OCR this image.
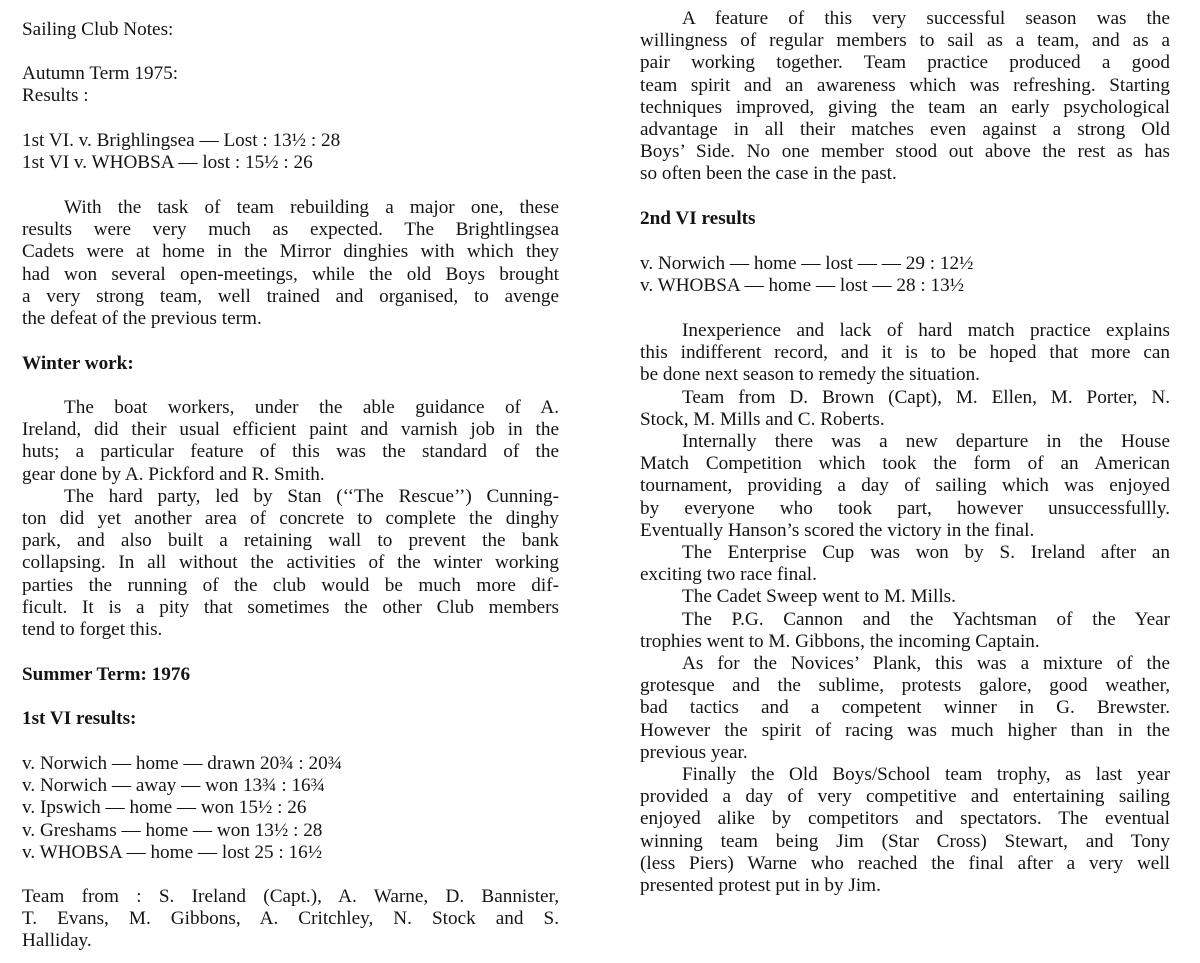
Sailing Club Notes:
Autumn Term 1975:
Results :
1st VI. v. Brighlingsea — Lost : 13½ : 28
1st VI v. WHOBSA — lost : 15½ : 26
With the task of team rebuilding a major one, these
results were very much as expected. The Brightlingsea
Cadets were at home in the Mirror dinghies with which they
had won several open-meetings, while the old Boys brought
a very strong team, well trained and organised, to avenge
the defeat of the previous term.
Winter work:
The boat workers, under the able guidance of A.
Ireland, did their usual efficient paint and varnish job in the
huts; a particular feature of this was the standard of the
gear done by A. Pickford and R. Smith.
The hard party, led by Stan (‘‘The Rescue’’) Cunning-
ton did yet another area of concrete to complete the dinghy
park, and also built a retaining wall to prevent the bank
collapsing. In all without the activities of the winter working
parties the running of the club would be much more dif-
ficult. It is a pity that sometimes the other Club members
tend to forget this.
Summer Term: 1976
1st VI results:
v. Norwich — home — drawn 20¾ : 20¾
v. Norwich — away — won 13¾ : 16¾
v. Ipswich — home — won 15½ : 26
v. Greshams — home — won 13½ : 28
v. WHOBSA — home — lost 25 : 16½
Team from : S. Ireland (Capt.), A. Warne, D. Bannister,
T. Evans, M. Gibbons, A. Critchley, N. Stock and S.
Halliday.
A feature of this very successful season was the
willingness of regular members to sail as a team, and as a
pair working together. Team practice produced a good
team spirit and an awareness which was refreshing. Starting
techniques improved, giving the team an early psychological
advantage in all their matches even against a strong Old
Boys’ Side. No one member stood out above the rest as has
so often been the case in the past.
2nd VI results
v. Norwich — home — lost — — 29 : 12½
v. WHOBSA — home — lost — 28 : 13½
Inexperience and lack of hard match practice explains
this indifferent record, and it is to be hoped that more can
be done next season to remedy the situation.
Team from D. Brown (Capt), M. Ellen, M. Porter, N.
Stock, M. Mills and C. Roberts.
Internally there was a new departure in the House
Match Competition which took the form of an American
tournament, providing a day of sailing which was enjoyed
by everyone who took part, however unsuccessfullly.
Eventually Hanson’s scored the victory in the final.
The Enterprise Cup was won by S. Ireland after an
exciting two race final.
The Cadet Sweep went to M. Mills.
The P.G. Cannon and the Yachtsman of the Year
trophies went to M. Gibbons, the incoming Captain.
As for the Novices’ Plank, this was a mixture of the
grotesque and the sublime, protests galore, good weather,
bad tactics and a competent winner in G. Brewster.
However the spirit of racing was much higher than in the
previous year.
Finally the Old Boys/School team trophy, as last year
provided a day of very competitive and entertaining sailing
enjoyed alike by competitors and spectators. The eventual
winning team being Jim (Star Cross) Stewart, and Tony
(less Piers) Warne who reached the final after a very well
presented protest put in by Jim.
